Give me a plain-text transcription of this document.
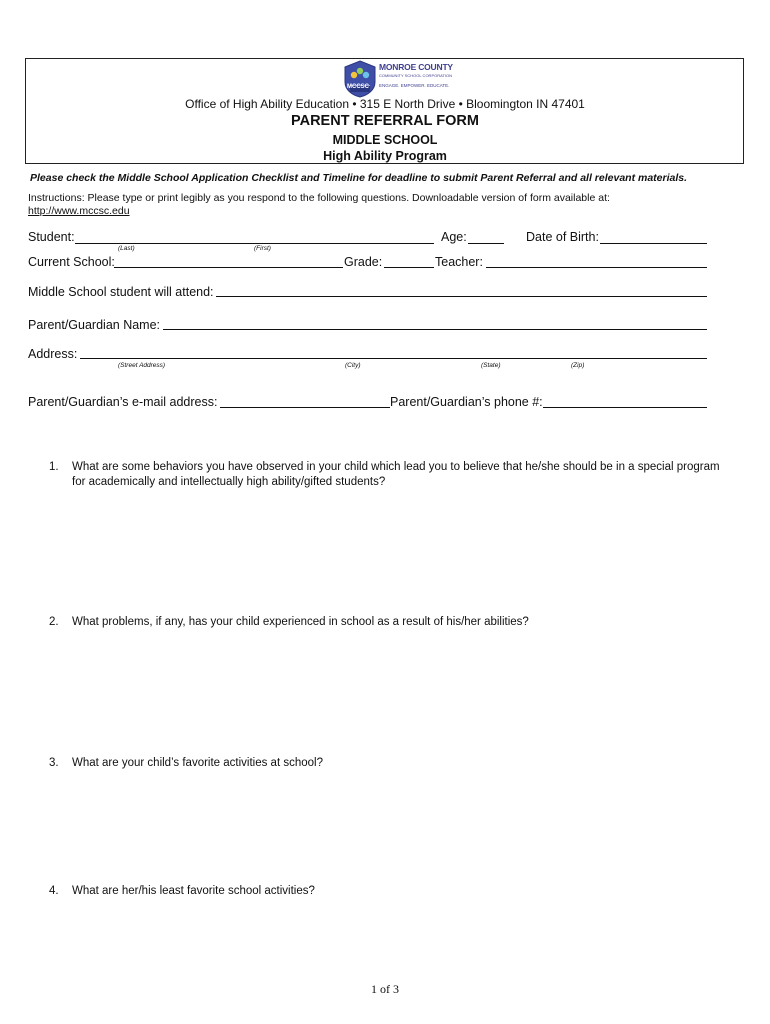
MCCSC
MONROE COUNTY
COMMUNITY SCHOOL CORPORATION
ENGAGE. EMPOWER. EDUCATE.
Office of High Ability Education • 315 E North Drive • Bloomington IN 47401
PARENT REFERRAL FORM
MIDDLE SCHOOL
High Ability Program
Please check the Middle School Application Checklist and Timeline for deadline to submit Parent Referral and all relevant materials.
Instructions: Please type or print legibly as you respond to the following questions. Downloadable version of form available at:
http://www.mccsc.edu
Student:	Age:	Date of Birth:
(Last)	(First)
Current School:	Grade:	Teacher:
Middle School student will attend:
Parent/Guardian Name:
Address:
(Street Address)	(City)	(State)	(Zip)
Parent/Guardian’s e-mail address:	Parent/Guardian’s phone #:
1. What are some behaviors you have observed in your child which lead you to believe that he/she should be in a special program for academically and intellectually high ability/gifted students?
2. What problems, if any, has your child experienced in school as a result of his/her abilities?
3. What are your child’s favorite activities at school?
4. What are her/his least favorite school activities?
1 of 3
